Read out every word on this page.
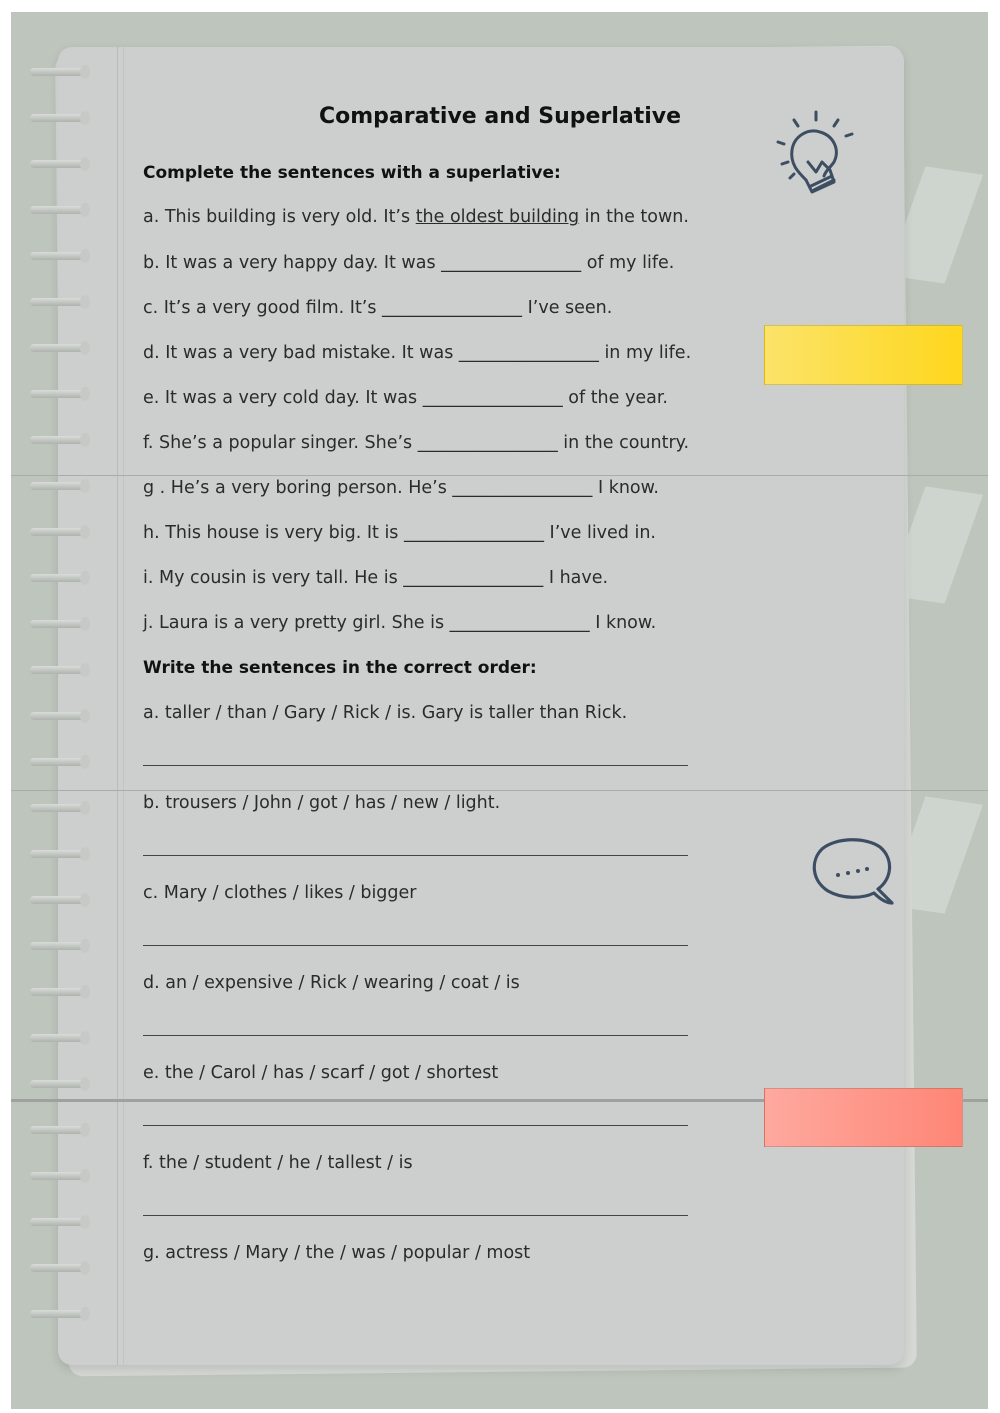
Comparative and Superlative
Complete the sentences with a superlative:
a. This building is very old. It’s the oldest building in the town.
b. It was a very happy day. It was ________________ of my life.
c. It’s a very good film. It’s ________________ I’ve seen.
d. It was a very bad mistake. It was ________________ in my life.
e. It was a very cold day. It was ________________ of the year.
f. She’s a popular singer. She’s ________________ in the country.
g . He’s a very boring person. He’s ________________ I know.
h. This house is very big. It is ________________ I’ve lived in.
i. My cousin is very tall. He is ________________ I have.
j. Laura is a very pretty girl. She is ________________ I know.
Write the sentences in the correct order:
a. taller / than / Gary / Rick / is. Gary is taller than Rick.
b. trousers / John / got / has / new / light.
c. Mary / clothes / likes / bigger
d. an / expensive / Rick / wearing / coat / is
e. the / Carol / has / scarf / got / shortest
f. the / student / he / tallest / is
g. actress / Mary / the / was / popular / most
